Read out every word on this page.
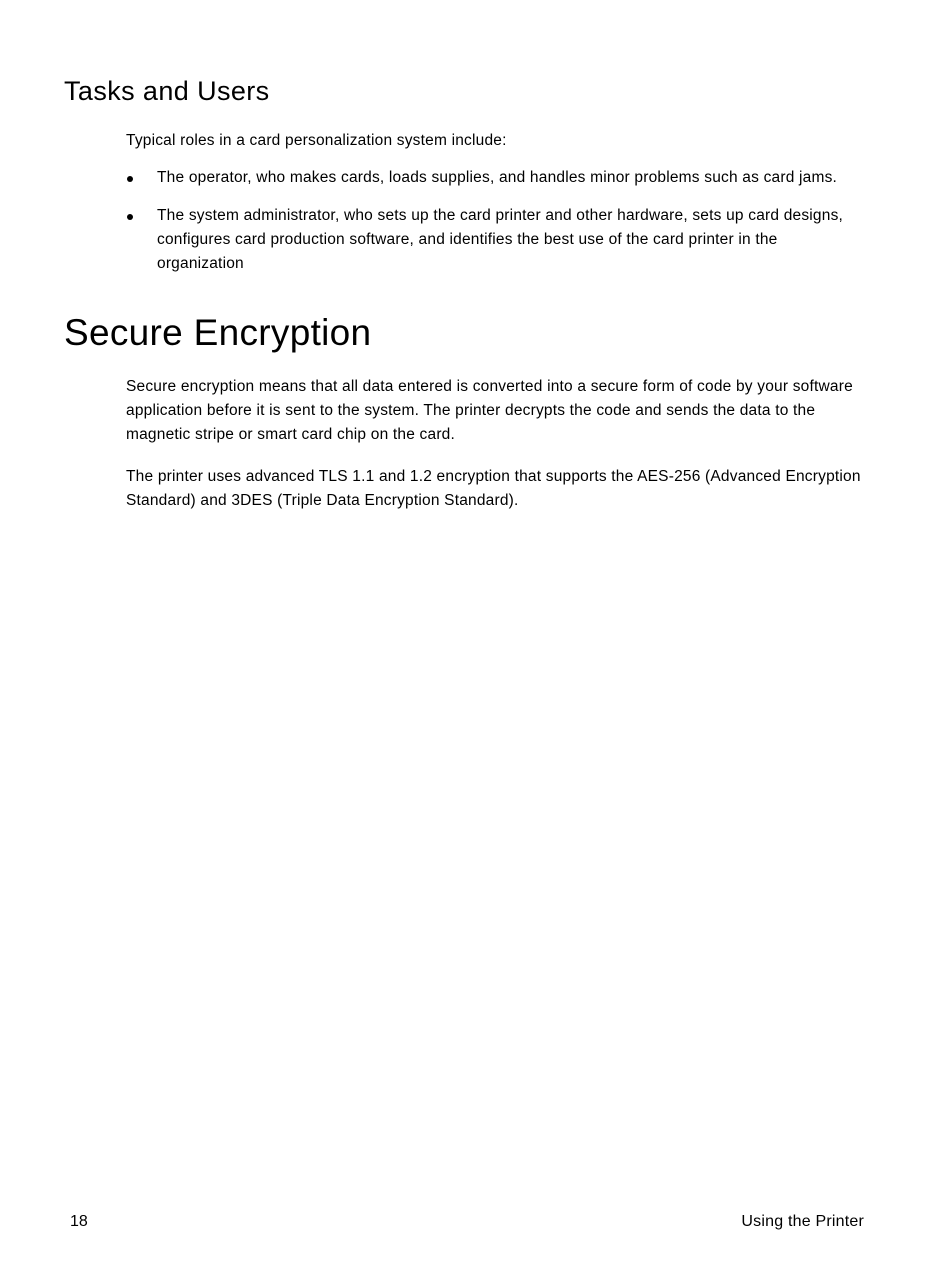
Tasks and Users
Typical roles in a card personalization system include:
The operator, who makes cards, loads supplies, and handles minor problems such as card jams.
The system administrator, who sets up the card printer and other hardware, sets up card designs, configures card production software, and identifies the best use of the card printer in the organization
Secure Encryption
Secure encryption means that all data entered is converted into a secure form of code by your software application before it is sent to the system. The printer decrypts the code and sends the data to the magnetic stripe or smart card chip on the card.
The printer uses advanced TLS 1.1 and 1.2 encryption that supports the AES-256 (Advanced Encryption Standard) and 3DES (Triple Data Encryption Standard).
18	Using the Printer
